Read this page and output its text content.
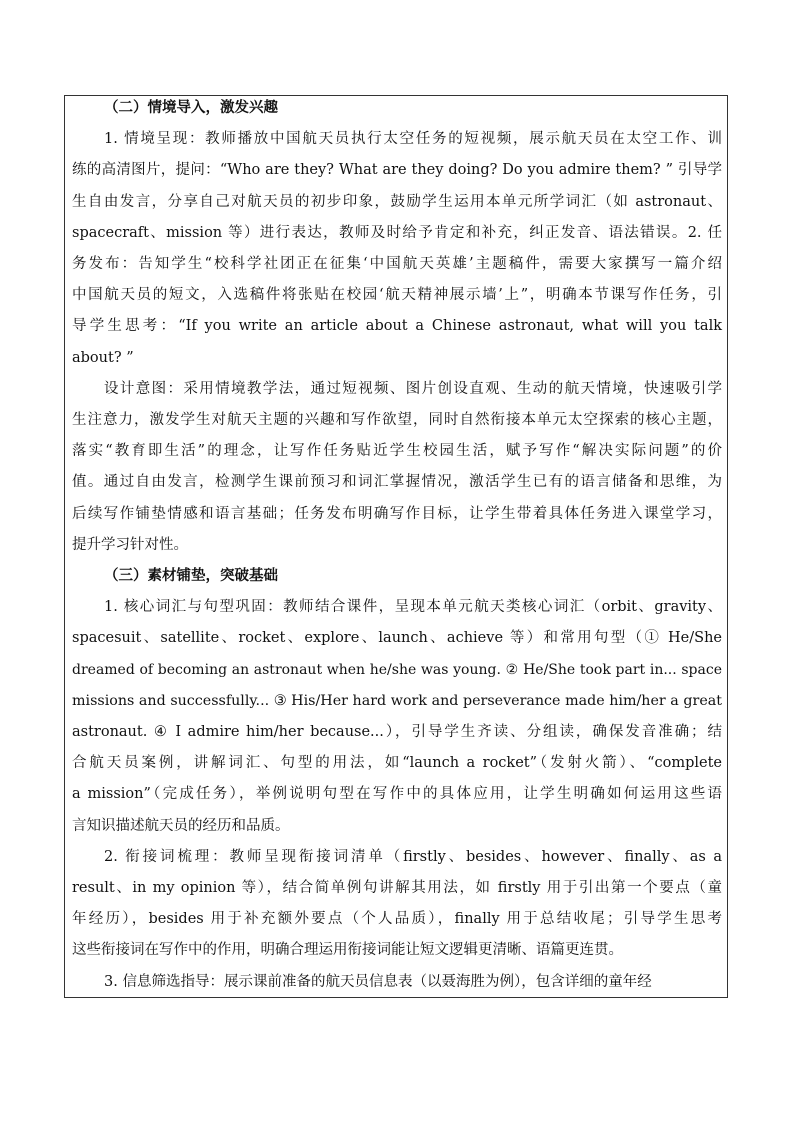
（二）情境导入，激发兴趣
1. 情境呈现：教师播放中国航天员执行太空任务的短视频，展示航天员在太空工作、训
练的高清图片，提问：“Who are they? What are they doing? Do you admire them? ” 引导学
生自由发言，分享自己对航天员的初步印象，鼓励学生运用本单元所学词汇（如 astronaut、
spacecraft、mission 等）进行表达，教师及时给予肯定和补充，纠正发音、语法错误。2. 任
务发布：告知学生“校科学社团正在征集‘中国航天英雄’主题稿件，需要大家撰写一篇介绍
中国航天员的短文，入选稿件将张贴在校园‘航天精神展示墙’上”，明确本节课写作任务，引
导学生思考：“If you write an article about a Chinese astronaut, what will you talk
about? ”
设计意图：采用情境教学法，通过短视频、图片创设直观、生动的航天情境，快速吸引学
生注意力，激发学生对航天主题的兴趣和写作欲望，同时自然衔接本单元太空探索的核心主题，
落实“教育即生活”的理念，让写作任务贴近学生校园生活，赋予写作“解决实际问题”的价
值。通过自由发言，检测学生课前预习和词汇掌握情况，激活学生已有的语言储备和思维，为
后续写作铺垫情感和语言基础；任务发布明确写作目标，让学生带着具体任务进入课堂学习，
提升学习针对性。
（三）素材铺垫，突破基础
1. 核心词汇与句型巩固：教师结合课件，呈现本单元航天类核心词汇（orbit、gravity、
spacesuit、satellite、rocket、explore、launch、achieve 等）和常用句型（① He/She
dreamed of becoming an astronaut when he/she was young. ② He/She took part in... space
missions and successfully... ③ His/Her hard work and perseverance made him/her a great
astronaut. ④ I admire him/her because...），引导学生齐读、分组读，确保发音准确；结
合航天员案例，讲解词汇、句型的用法，如“launch a rocket”（发射火箭）、“complete
a mission”（完成任务），举例说明句型在写作中的具体应用，让学生明确如何运用这些语
言知识描述航天员的经历和品质。
2. 衔接词梳理：教师呈现衔接词清单（firstly、besides、however、finally、as a
result、in my opinion 等），结合简单例句讲解其用法，如 firstly 用于引出第一个要点（童
年经历），besides 用于补充额外要点（个人品质），finally 用于总结收尾；引导学生思考
这些衔接词在写作中的作用，明确合理运用衔接词能让短文逻辑更清晰、语篇更连贯。
3. 信息筛选指导：展示课前准备的航天员信息表（以聂海胜为例），包含详细的童年经
